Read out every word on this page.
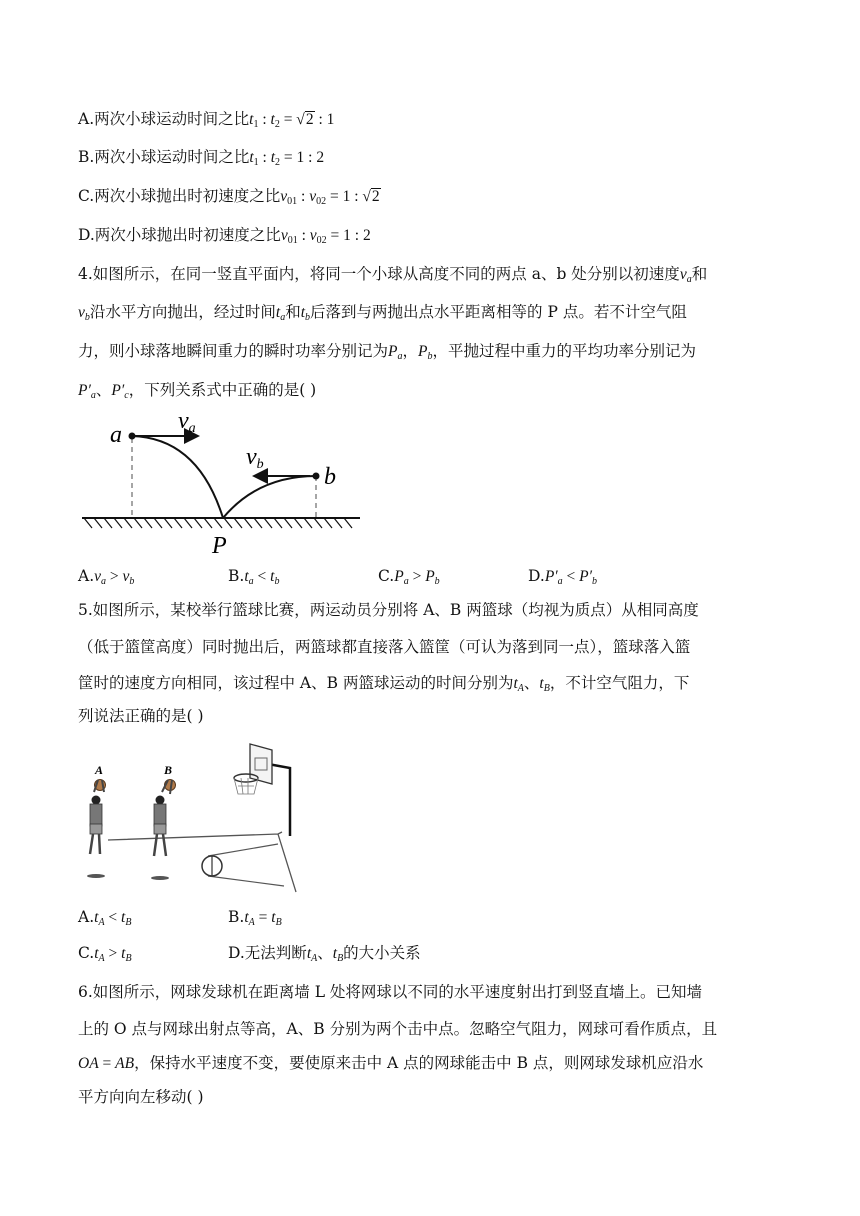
A.两次小球运动时间之比$t_1$ : $t_2 = √2$ : 1
B.两次小球运动时间之比$t_1$ : $t_2 = 1$ : 2
C.两次小球抛出时初速度之比$v_{01}$ : $v_{02} = 1$ : √2
D.两次小球抛出时初速度之比$v_{01}$ : $v_{02} = 1$ : 2
4.如图所示，在同一竖直平面内，将同一个小球从高度不同的两点 a、b 处分别以初速度$v_a$和
$v_b$沿水平方向抛出，经过时间$t_a$和$t_b$后落到与两抛出点水平距离相等的 P 点。若不计空气阻
力，则小球落地瞬间重力的瞬时功率分别记为$P_a$，$P_b$，平抛过程中重力的平均功率分别记为
$P'_a$、$P'_c$，下列关系式中正确的是( )
a
b
va
vb
P
$A.v_a > v_b$	$B.t_a < t_b$	$C.P_a > P_b$	$D.P'_a < P'_b$
5.如图所示，某校举行篮球比赛，两运动员分别将 A、B 两篮球（均视为质点）从相同高度
（低于篮筐高度）同时抛出后，两篮球都直接落入篮筐（可认为落到同一点），篮球落入篮
筐时的速度方向相同，该过程中 A、B 两篮球运动的时间分别为$t_A$、$t_B$，不计空气阻力，下
列说法正确的是( )
A	B
$A.t_A < t_B$	$B.t_A = t_B$
$C.t_A > t_B$	D.无法判断$t_A$、$t_B$的大小关系
6.如图所示，网球发球机在距离墙 L 处将网球以不同的水平速度射出打到竖直墙上。已知墙
上的 O 点与网球出射点等高，A、B 分别为两个击中点。忽略空气阻力，网球可看作质点，且
OA = AB，保持水平速度不变，要使原来击中 A 点的网球能击中 B 点，则网球发球机应沿水
平方向向左移动( )
